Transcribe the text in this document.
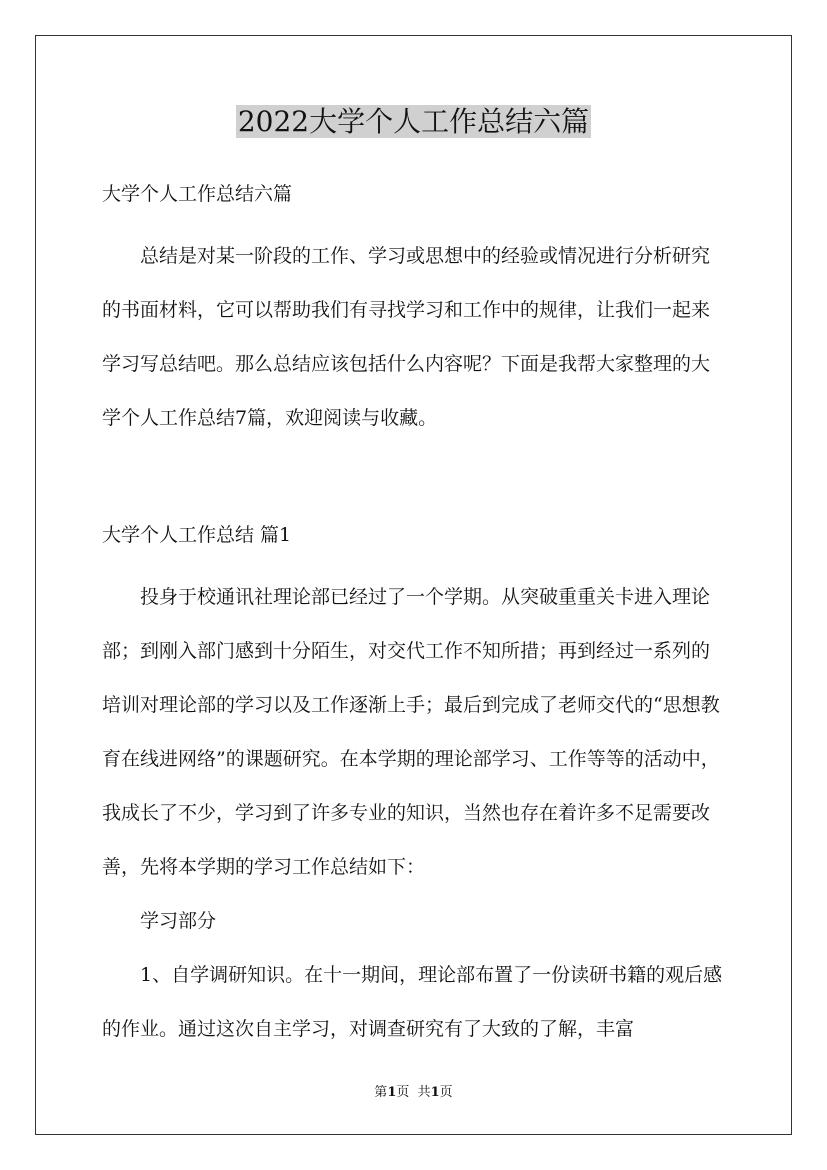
2022大学个人工作总结六篇

大学个人工作总结六篇

总结是对某一阶段的工作、学习或思想中的经验或情况进行分析研究的书面材料，它可以帮助我们有寻找学习和工作中的规律，让我们一起来学习写总结吧。那么总结应该包括什么内容呢？下面是我帮大家整理的大学个人工作总结7篇，欢迎阅读与收藏。

大学个人工作总结 篇1

投身于校通讯社理论部已经过了一个学期。从突破重重关卡进入理论部；到刚入部门感到十分陌生，对交代工作不知所措；再到经过一系列的培训对理论部的学习以及工作逐渐上手；最后到完成了老师交代的“思想教育在线进网络”的课题研究。在本学期的理论部学习、工作等等的活动中，我成长了不少，学习到了许多专业的知识，当然也存在着许多不足需要改善，先将本学期的学习工作总结如下：

学习部分

1、自学调研知识。在十一期间，理论部布置了一份读研书籍的观后感的作业。通过这次自主学习，对调查研究有了大致的了解，丰富

第1页  共1页
